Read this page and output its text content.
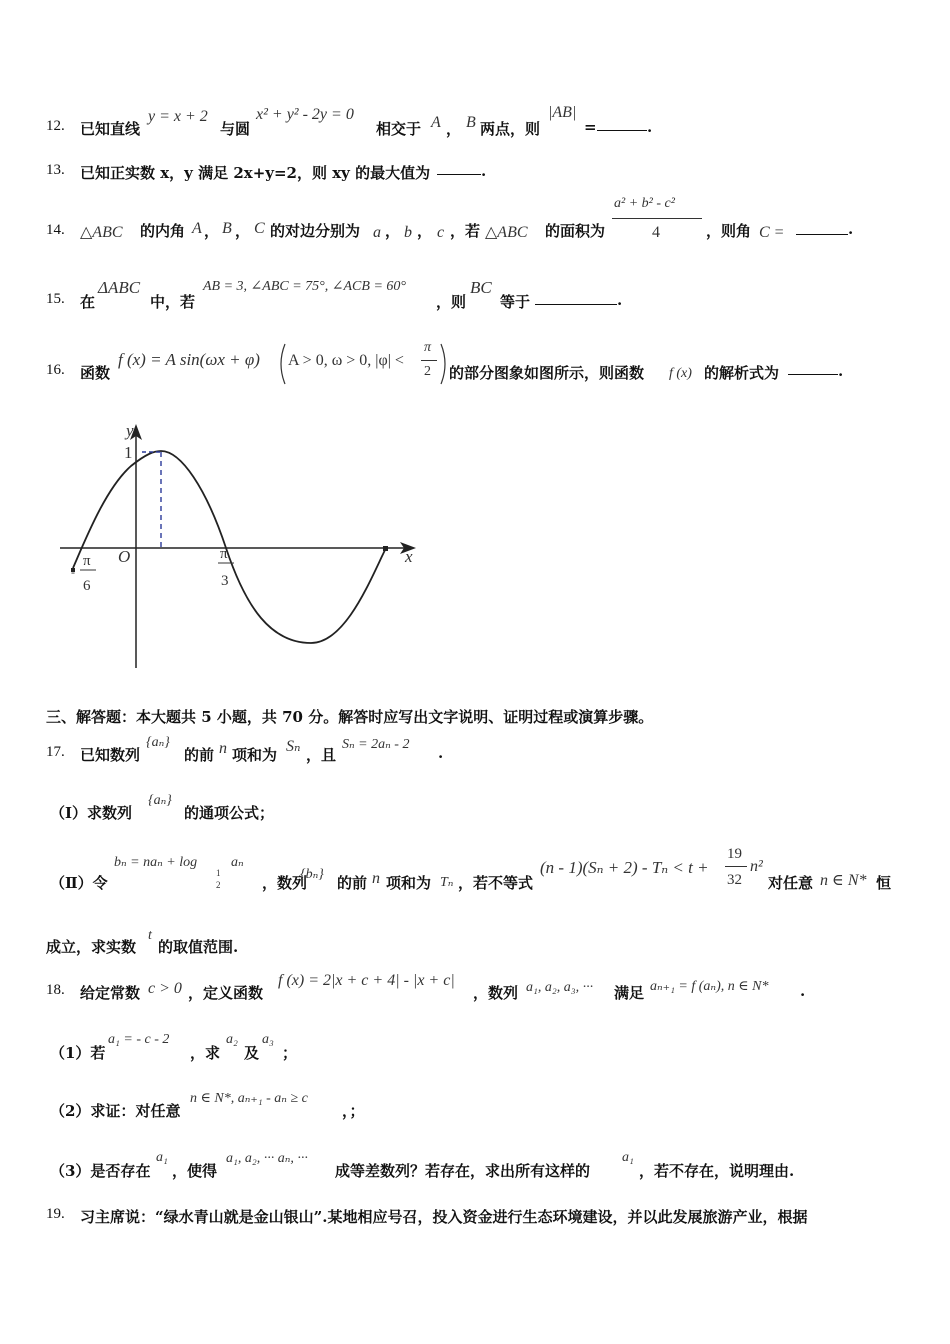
12. 已知直线
y = x + 2
与圆
x² + y² - 2y = 0
相交于 A ， B 两点，则
|AB|
=	.
13. 已知正实数 x，y 满足 2x+y=2，则 xy 的最大值为	.
14. △ABC 的内角 A ， B ， C 的对边分别为 a ， b ， c ，若 △ABC 的面积为
a² + b² - c²
4	，则角 C =	.
15. 在
ΔABC
中，若
AB = 3, ∠ABC = 75°, ∠ACB = 60°
，则
BC
等于	.
16. 函数
f (x) = A sin(ωx + φ) A > 0, ω > 0, |φ| <
π
2 的部分图象如图所示，则函数 f (x) 的解析式为	.
y
x
O
1
-
π
6
π
3
三、解答题：本大题共 5 小题，共 70 分。解答时应写出文字说明、证明过程或演算步骤。
17. 已知数列
{aₙ}
的前 n 项和为 Sₙ ，且
Sₙ = 2aₙ - 2 .
（Ⅰ）求数列
{aₙ}
的通项公式；
（Ⅱ）令
bₙ = naₙ + log
1
2
aₙ
，数列
{bₙ} 的前 n 项和为 Tₙ ，若不等式
(n - 1)(Sₙ + 2) - Tₙ < t +
19
32
n²
对任意 n ∈ N* 恒
成立，求实数
t
的取值范围.
18. 给定常数 c > 0 ，定义函数
f (x) = 2|x + c + 4| - |x + c|
，数列 a₁, a₂, a₃, ··· 满足 aₙ₊₁ = f (aₙ), n ∈ N* .
（1）若
a₁ = - c - 2
，求
a₂
及
a₃
；
（2）求证：对任意
n ∈ N*, aₙ₊₁ - aₙ ≥ c
，；
（3）是否存在
a₁
，使得
a₁, a₂, ··· aₙ, ···
成等差数列？若存在，求出所有这样的
a₁
，若不存在，说明理由.
19. 习主席说：“绿水青山就是金山银山”.某地相应号召，投入资金进行生态环境建设，并以此发展旅游产业，根据
